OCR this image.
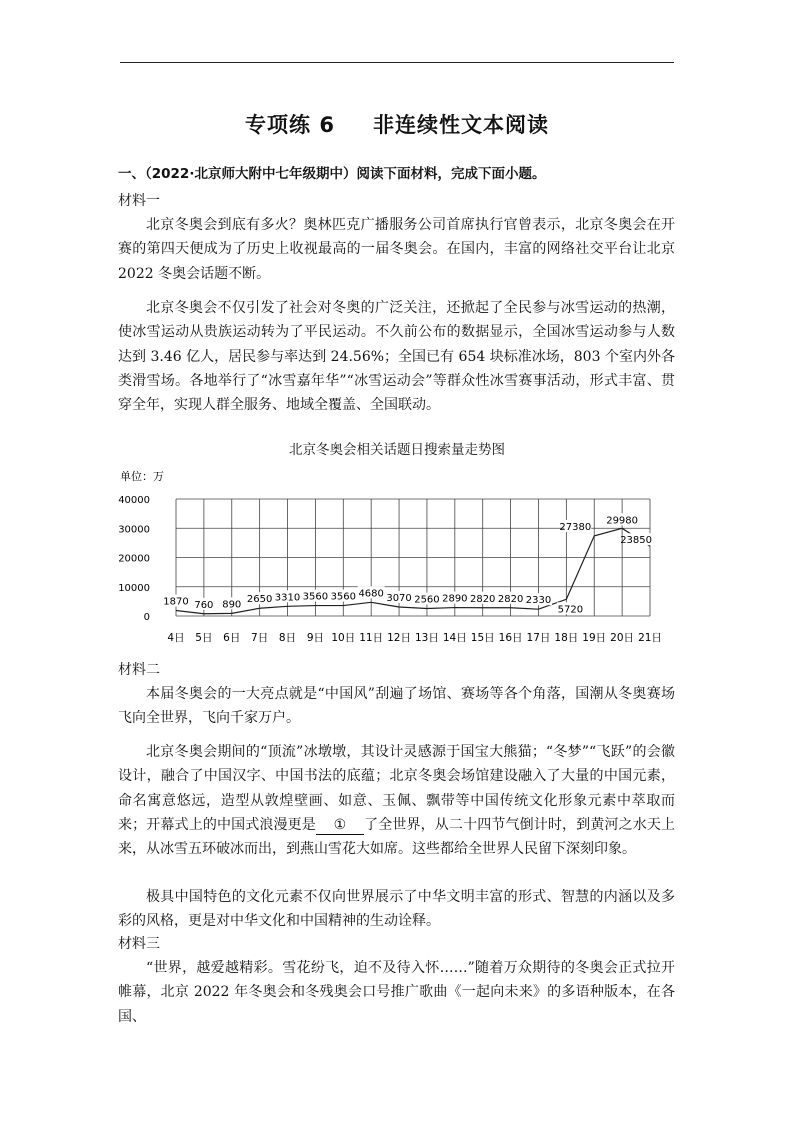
专项练 6 非连续性文本阅读
一、（2022·北京师大附中七年级期中）阅读下面材料，完成下面小题。
材料一

北京冬奥会到底有多火？奥林匹克广播服务公司首席执行官曾表示，北京冬奥会在开赛的第四天便成为了历史上收视最高的一届冬奥会。在国内，丰富的网络社交平台让北京 2022 冬奥会话题不断。

北京冬奥会不仅引发了社会对冬奥的广泛关注，还掀起了全民参与冰雪运动的热潮，使冰雪运动从贵族运动转为了平民运动。不久前公布的数据显示，全国冰雪运动参与人数达到 3.46 亿人，居民参与率达到 24.56%；全国已有 654 块标准冰场，803 个室内外各类滑雪场。各地举行了“冰雪嘉年华”“冰雪运动会”等群众性冰雪赛事活动，形式丰富、贯穿全年，实现人群全服务、地域全覆盖、全国联动。

北京冬奥会相关话题日搜索量走势图
单位：万
0
10000
20000
30000
40000
4日 5日 6日 7日 8日 9日 10日 11日 12日 13日 14日 15日 16日 17日 18日 19日 20日 21日
1870 760 890 2650 3310 3560 3560 4680 3070 2560 2890 2820 2820 2330
5720
27380
29980
23850
材料二

本届冬奥会的一大亮点就是“中国风”刮遍了场馆、赛场等各个角落，国潮从冬奥赛场飞向全世界，飞向千家万户。

北京冬奥会期间的“顶流”冰墩墩，其设计灵感源于国宝大熊猫；“冬梦”“飞跃”的会徽设计，融合了中国汉字、中国书法的底蕴；北京冬奥会场馆建设融入了大量的中国元素，命名寓意悠远，造型从敦煌壁画、如意、玉佩、飘带等中国传统文化形象元素中萃取而来；开幕式上的中国式浪漫更是 ① 了全世界，从二十四节气倒计时，到黄河之水天上来，从冰雪五环破冰而出，到燕山雪花大如席。这些都给全世界人民留下深刻印象。

极具中国特色的文化元素不仅向世界展示了中华文明丰富的形式、智慧的内涵以及多彩的风格，更是对中华文化和中国精神的生动诠释。

材料三

“世界，越爱越精彩。雪花纷飞，迫不及待入怀……”随着万众期待的冬奥会正式拉开帷幕，北京 2022 年冬奥会和冬残奥会口号推广歌曲《一起向未来》的多语种版本，在各国、
